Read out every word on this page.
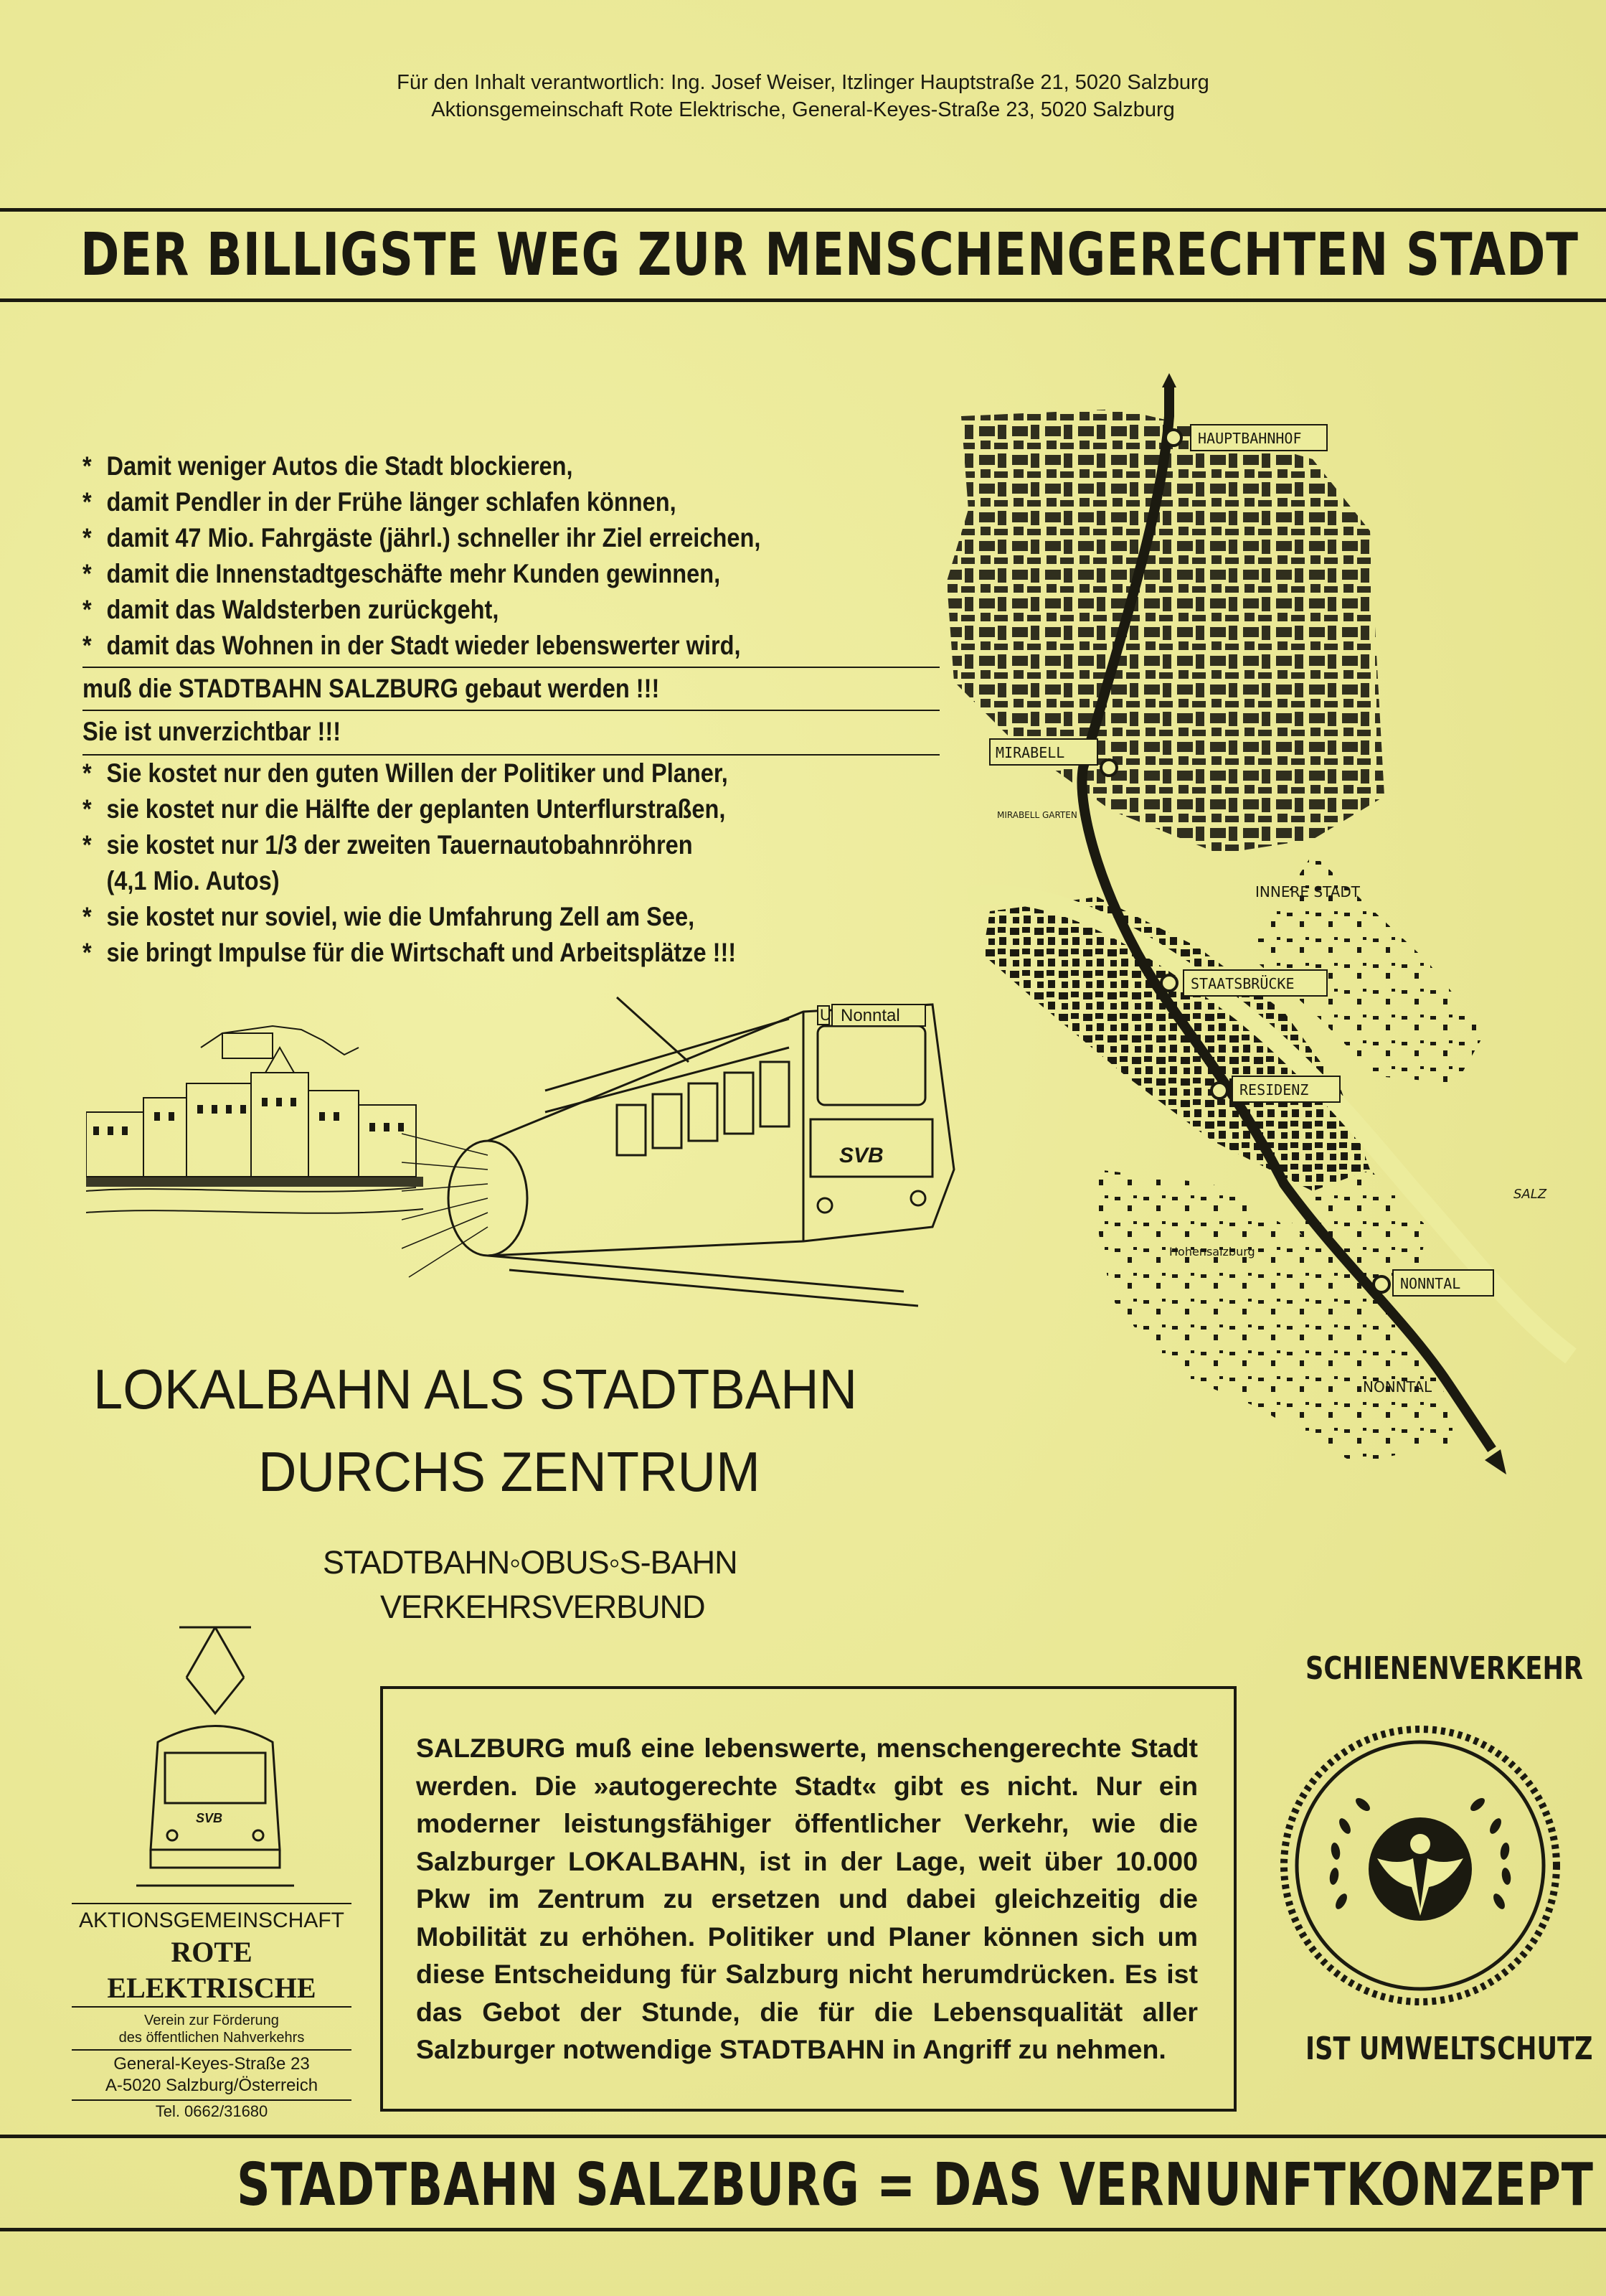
Für den Inhalt verantwortlich: Ing. Josef Weiser, Itzlinger Hauptstraße 21, 5020 Salzburg
Aktionsgemeinschaft Rote Elektrische, General-Keyes-Straße 23, 5020 Salzburg
DER BILLIGSTE WEG ZUR MENSCHENGERECHTEN STADT
* Damit weniger Autos die Stadt blockieren,
* damit Pendler in der Frühe länger schlafen können,
* damit 47 Mio. Fahrgäste (jährl.) schneller ihr Ziel erreichen,
* damit die Innenstadtgeschäfte mehr Kunden gewinnen,
* damit das Waldsterben zurückgeht,
* damit das Wohnen in der Stadt wieder lebenswerter wird,
muß die STADTBAHN SALZBURG gebaut werden !!!
Sie ist unverzichtbar !!!
* Sie kostet nur den guten Willen der Politiker und Planer,
* sie kostet nur die Hälfte der geplanten Unterflurstraßen,
* sie kostet nur 1/3 der zweiten Tauernautobahnröhren
(4,1 Mio. Autos)
* sie kostet nur soviel, wie die Umfahrung Zell am See,
* sie bringt Impulse für die Wirtschaft und Arbeitsplätze !!!
HAUPTBAHNHOF
MIRABELL
STAATSBRÜCKE
RESIDENZ
NONNTAL
INNERE STADT
NONNTAL
Hohensalzburg
MIRABELL GARTEN
SALZ
U Nonntal
SVB
LOKALBAHN ALS STADTBAHN
DURCHS ZENTRUM
STADTBAHN◦OBUS◦S-BAHN
VERKEHRSVERBUND
SVB
AKTIONSGEMEINSCHAFT
ROTE ELEKTRISCHE
Verein zur Förderung
des öffentlichen Nahverkehrs
General-Keyes-Straße 23
A-5020 Salzburg/Österreich
Tel. 0662/31680
SALZBURG muß eine lebenswerte, menschengerechte Stadt werden. Die »autogerechte Stadt« gibt es nicht. Nur ein moderner leistungsfähiger öffentlicher Verkehr, wie die Salzburger LOKALBAHN, ist in der Lage, weit über 10.000 Pkw im Zentrum zu ersetzen und dabei gleichzeitig die Mobilität zu erhöhen. Politiker und Planer können sich um diese Entscheidung für Salzburg nicht herumdrücken. Es ist das Gebot der Stunde, die für die Lebensqualität aller Salzburger notwendige STADTBAHN in Angriff zu nehmen.
SCHIENENVERKEHR
IST UMWELTSCHUTZ
STADTBAHN SALZBURG = DAS VERNUNFTKONZEPT
